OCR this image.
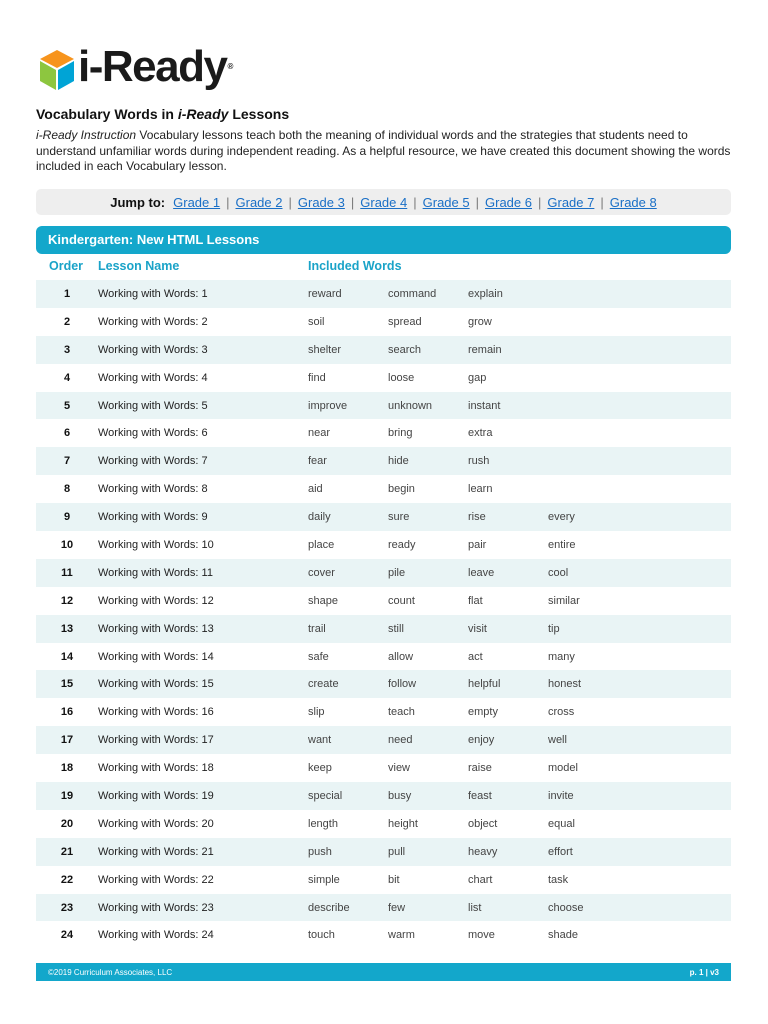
i-Ready®
Vocabulary Words in i-Ready Lessons
i-Ready Instruction Vocabulary lessons teach both the meaning of individual words and the strategies that students need to understand unfamiliar words during independent reading. As a helpful resource, we have created this document showing the words included in each Vocabulary lesson.
Jump to: Grade 1 | Grade 2 | Grade 3 | Grade 4 | Grade 5 | Grade 6 | Grade 7 | Grade 8
Kindergarten: New HTML Lessons
Order Lesson Name	Included Words
1	Working with Words: 1	reward	command	explain
2	Working with Words: 2	soil	spread	grow
3	Working with Words: 3	shelter	search	remain
4	Working with Words: 4	find	loose	gap
5	Working with Words: 5	improve	unknown	instant
6	Working with Words: 6	near	bring	extra
7	Working with Words: 7	fear	hide	rush
8	Working with Words: 8	aid	begin	learn
9	Working with Words: 9	daily	sure	rise	every
10	Working with Words: 10	place	ready	pair	entire
11	Working with Words: 11	cover	pile	leave	cool
12	Working with Words: 12	shape	count	flat	similar
13	Working with Words: 13	trail	still	visit	tip
14	Working with Words: 14	safe	allow	act	many
15	Working with Words: 15	create	follow	helpful	honest
16	Working with Words: 16	slip	teach	empty	cross
17	Working with Words: 17	want	need	enjoy	well
18	Working with Words: 18	keep	view	raise	model
19	Working with Words: 19	special	busy	feast	invite
20	Working with Words: 20	length	height	object	equal
21	Working with Words: 21	push	pull	heavy	effort
22	Working with Words: 22	simple	bit	chart	task
23	Working with Words: 23	describe	few	list	choose
24	Working with Words: 24	touch	warm	move	shade
©2019 Curriculum Associates, LLC	p. 1 | v3
